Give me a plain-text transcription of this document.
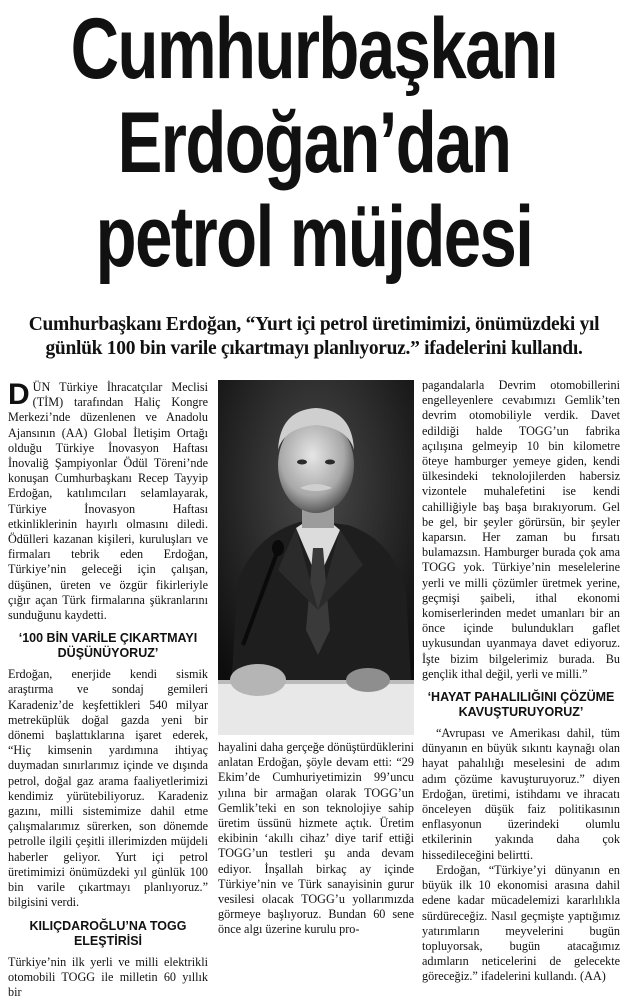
Cumhurbaşkanı
Erdoğan’dan
petrol müjdesi
Cumhurbaşkanı Erdoğan, “Yurt içi petrol üretimimizi, önümüzdeki yıl günlük 100 bin varile çıkartmayı planlıyoruz.” ifadelerini kullandı.

DÜN Türkiye İhracatçılar Meclisi (TİM) tarafından Haliç Kongre Merkezi’nde düzenlenen ve Anadolu Ajansının (AA) Global İletişim Ortağı olduğu Türkiye İnovasyon Haftası İnovaliğ Şampiyonlar Ödül Töreni’nde konuşan Cumhurbaşkanı Recep Tayyip Erdoğan, katılımcıları selamlayarak, Türkiye İnovasyon Haftası etkinliklerinin hayırlı olmasını diledi. Ödülleri kazanan kişileri, kuruluşları ve firmaları tebrik eden Erdoğan, Türkiye’nin geleceği için çalışan, düşünen, üreten ve özgür fikirleriyle çığır açan Türk firmalarına şükranlarını sunduğunu kaydetti.

‘100 BİN VARİLE ÇIKARTMAYI DÜŞÜNÜYORUZ’

Erdoğan, enerjide kendi sismik araştırma ve sondaj gemileri Karadeniz’de keşfettikleri 540 milyar metreküplük doğal gazda yeni bir dönemi başlattıklarına işaret ederek, “Hiç kimsenin yardımına ihtiyaç duymadan sınırlarımız içinde ve dışında petrol, doğal gaz arama faaliyetlerimizi kendimiz yürütebiliyoruz. Karadeniz gazını, milli sistemimize dahil etme çalışmalarımız sürerken, son dönemde petrolle ilgili çeşitli illerimizden müjdeli haberler geliyor. Yurt içi petrol üretimimizi önümüzdeki yıl günlük 100 bin varile çıkartmayı planlıyoruz.” bilgisini verdi.

KILIÇDAROĞLU’NA TOGG ELEŞTİRİSİ

Türkiye’nin ilk yerli ve milli elektrikli otomobili TOGG ile milletin 60 yıllık bir

hayalini daha gerçeğe dönüştürdüklerini anlatan Erdoğan, şöyle devam etti: “29 Ekim’de Cumhuriyetimizin 99’uncu yılına bir armağan olarak TOGG’un Gemlik’teki en son teknolojiye sahip üretim üssünü hizmete açtık. Üretim ekibinin ‘akıllı cihaz’ diye tarif ettiği TOGG’un testleri şu anda devam ediyor. İnşallah birkaç ay içinde Türkiye’nin ve Türk sanayisinin gurur vesilesi olacak TOGG’u yollarımızda görmeye başlıyoruz. Bundan 60 sene önce algı üzerine kurulu pro-

pagandalarla Devrim otomobillerini engelleyenlere cevabımızı Gemlik’ten devrim otomobiliyle verdik. Davet edildiği halde TOGG’un fabrika açılışına gelmeyip 10 bin kilometre öteye hamburger yemeye giden, kendi ülkesindeki teknolojilerden habersiz vizontele muhalefetini ise kendi cahilliğiyle baş başa bırakıyorum. Gel be gel, bir şeyler görürsün, bir şeyler kaparsın. Her zaman bu fırsatı bulamazsın. Hamburger burada çok ama TOGG yok. Türkiye’nin meselelerine yerli ve milli çözümler üretmek yerine, geçmişi şaibeli, ithal ekonomi komiserlerinden medet umanları bir an önce içinde bulundukları gaflet uykusundan uyanmaya davet ediyoruz. İşte bizim bilgelerimiz burada. Bu gençlik ithal değil, yerli ve milli.”

‘HAYAT PAHALILIĞINI ÇÖZÜME KAVUŞTURUYORUZ’

“Avrupası ve Amerikası dahil, tüm dünyanın en büyük sıkıntı kaynağı olan hayat pahalılığı meselesini de adım adım çözüme kavuşturuyoruz.” diyen Erdoğan, üretimi, istihdamı ve ihracatı önceleyen düşük faiz politikasının enflasyonun üzerindeki olumlu etkilerinin yakında daha çok hissedileceğini belirtti.

Erdoğan, “Türkiye’yi dünyanın en büyük ilk 10 ekonomisi arasına dahil edene kadar mücadelemizi kararlılıkla sürdüreceğiz. Nasıl geçmişte yaptığımız yatırımların meyvelerini bugün topluyorsak, bugün atacağımız adımların neticelerini de gelecekte göreceğiz.” ifadelerini kullandı. (AA)
